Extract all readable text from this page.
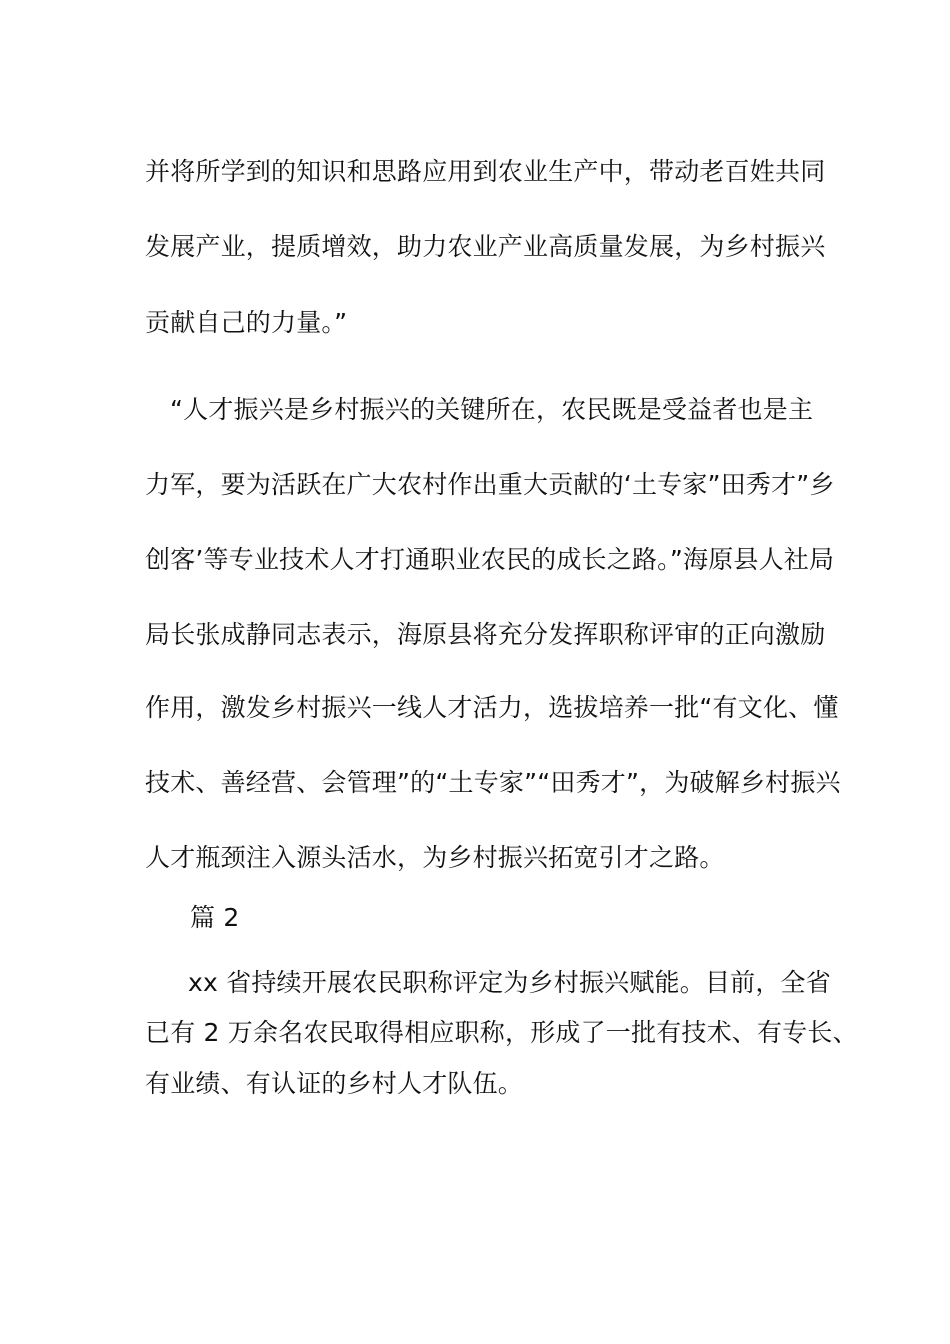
并将所学到的知识和思路应用到农业生产中，带动老百姓共同
发展产业，提质增效，助力农业产业高质量发展，为乡村振兴
贡献自己的力量。”
“人才振兴是乡村振兴的关键所在，农民既是受益者也是主
力军，要为活跃在广大农村作出重大贡献的‘土专家”田秀才”乡
创客’等专业技术人才打通职业农民的成长之路。”海原县人社局
局长张成静同志表示，海原县将充分发挥职称评审的正向激励
作用，激发乡村振兴一线人才活力，选拔培养一批“有文化、懂
技术、善经营、会管理”的“土专家”“田秀才”，为破解乡村振兴
人才瓶颈注入源头活水，为乡村振兴拓宽引才之路。
篇 2
xx 省持续开展农民职称评定为乡村振兴赋能。目前，全省
已有 2 万余名农民取得相应职称，形成了一批有技术、有专长、
有业绩、有认证的乡村人才队伍。
